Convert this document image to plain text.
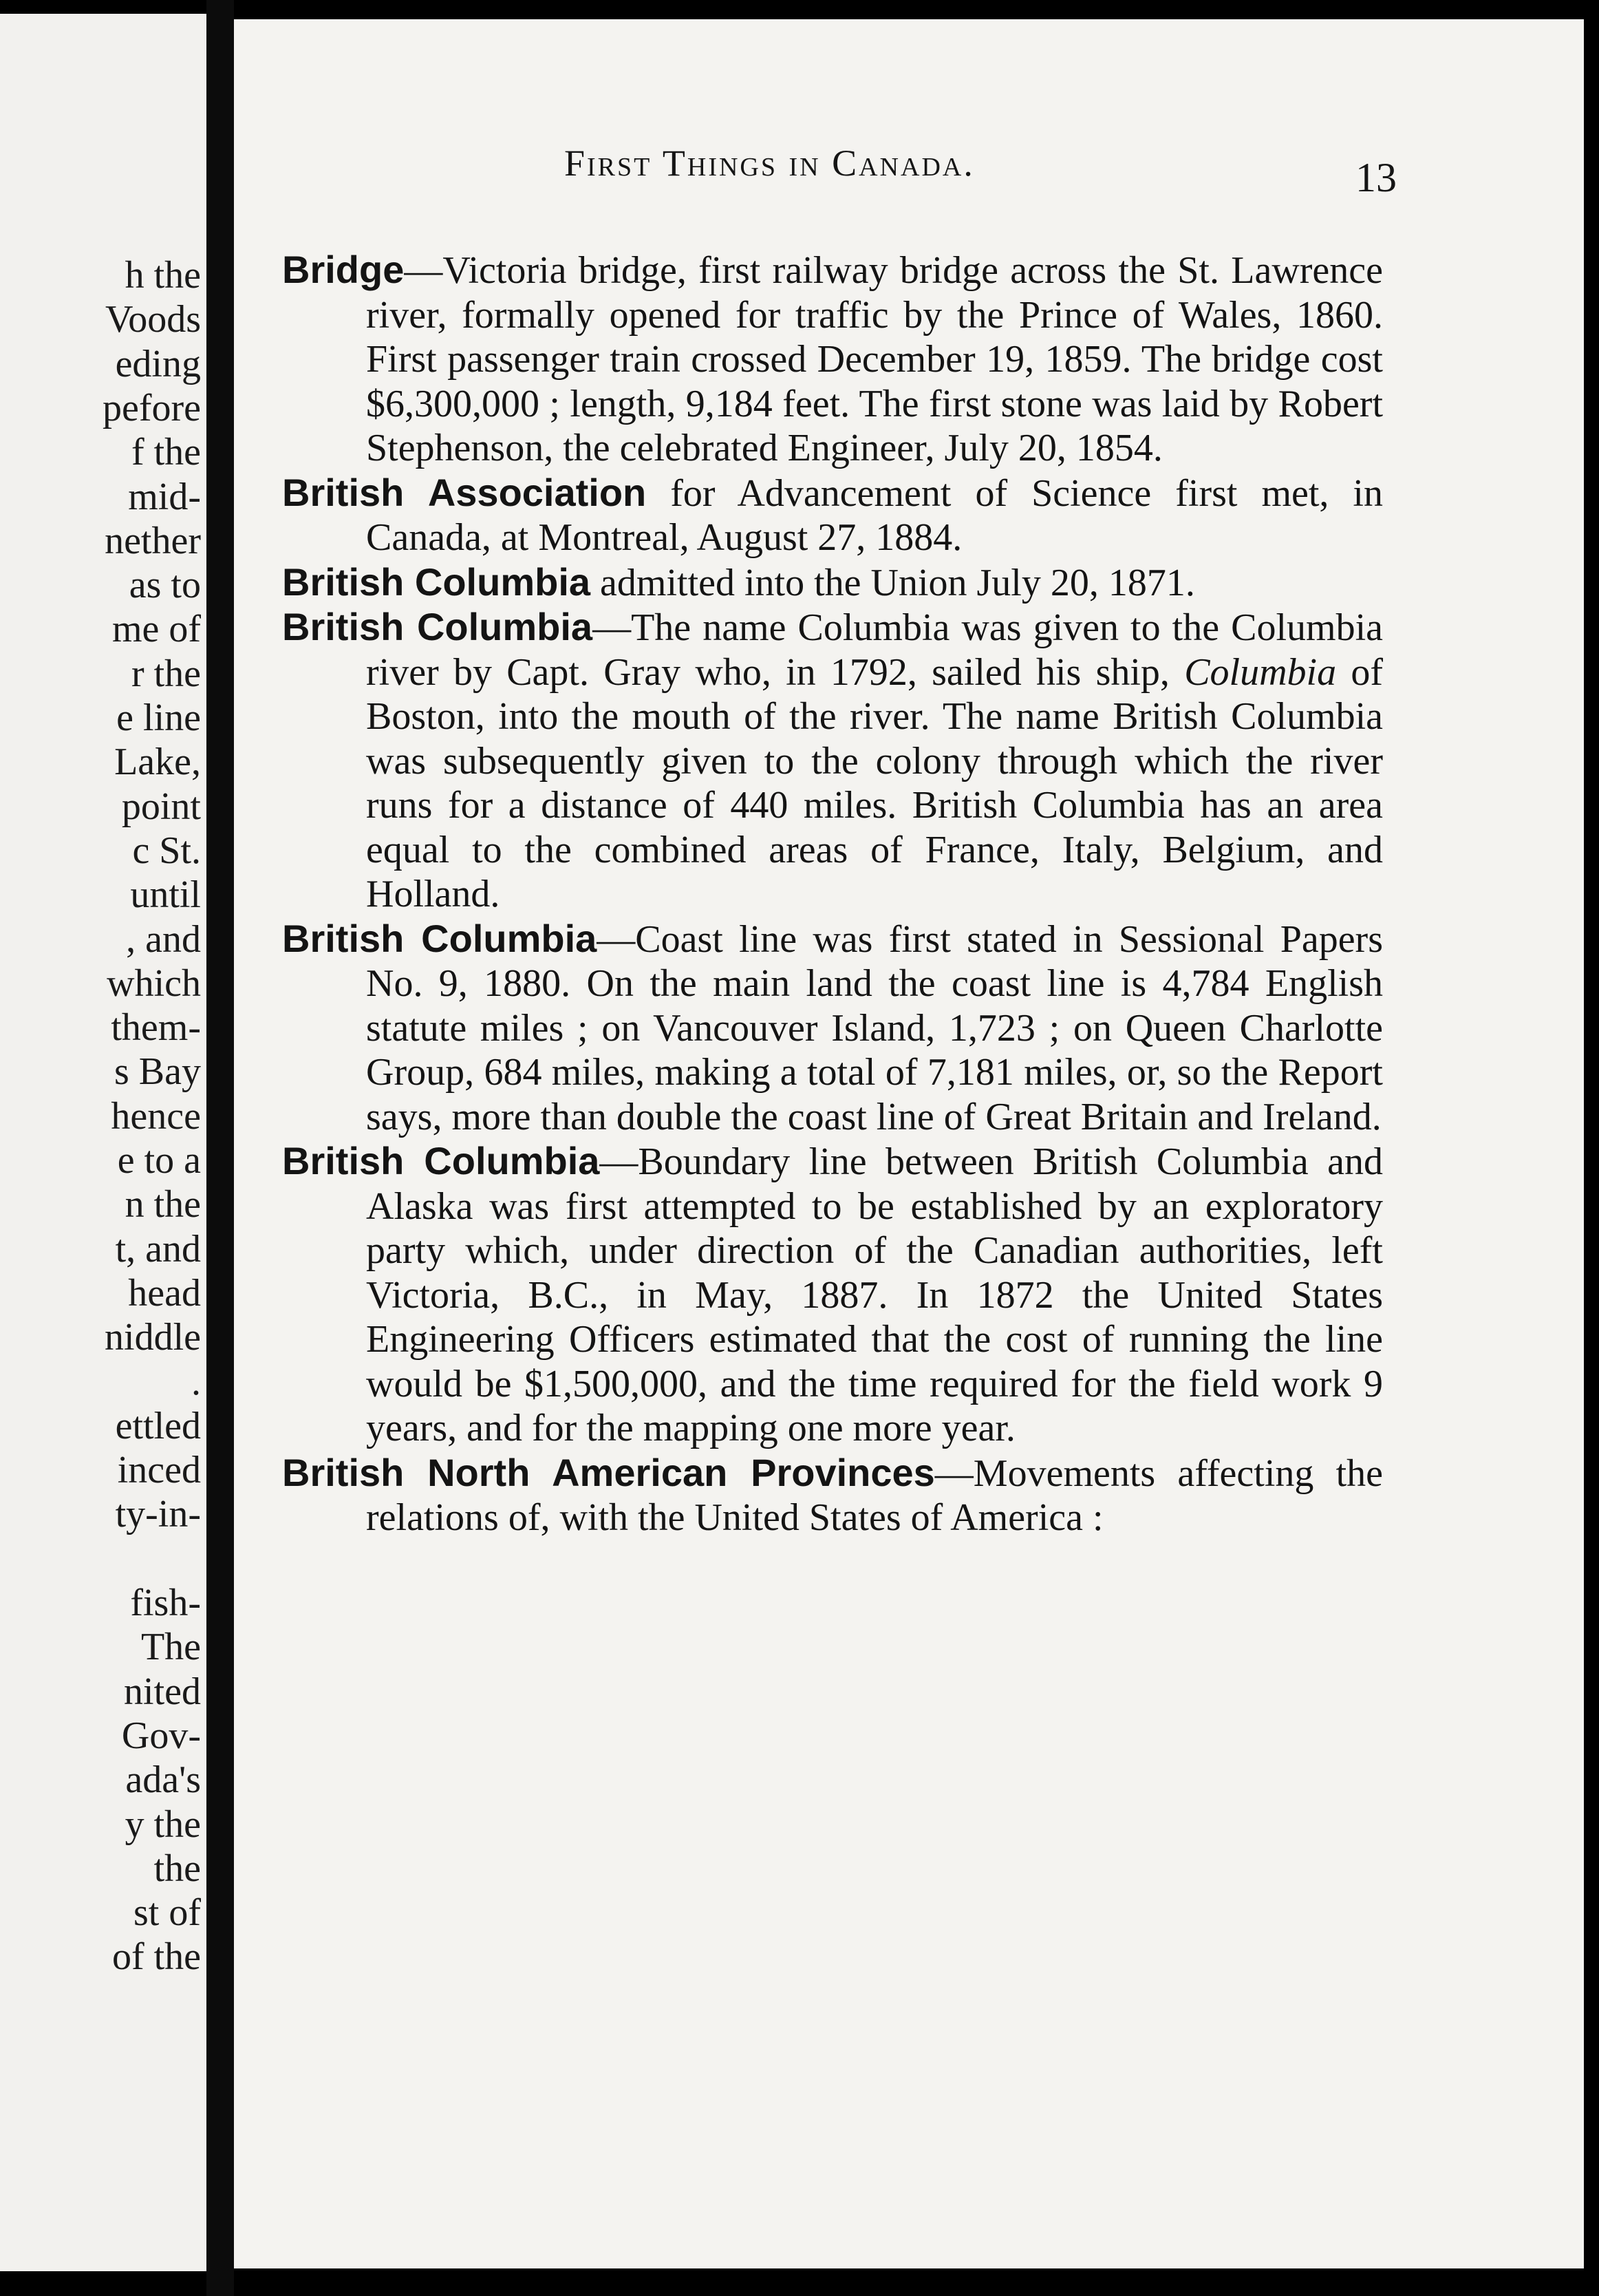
h the
Voods
eding
pefore
f the
mid-
nether
as to
me of
r the
e line
Lake,
point
c St.
until
, and
which
them-
s Bay
hence
e to a
n the
t, and
head
niddle
.
ettled
inced
ty-in-
fish-
The
nited
Gov-
ada's
y the
the
st of
of the
First Things in Canada.	13

Bridge—Victoria bridge, first railway bridge across the St. Lawrence river, formally opened for traffic by the Prince of Wales, 1860. First passenger train crossed December 19, 1859. The bridge cost $6,300,000 ; length, 9,184 feet. The first stone was laid by Robert Stephenson, the celebrated Engineer, July 20, 1854.

British Association for Advancement of Science first met, in Canada, at Montreal, August 27, 1884.

British Columbia admitted into the Union July 20, 1871.

British Columbia—The name Columbia was given to the Columbia river by Capt. Gray who, in 1792, sailed his ship, Columbia of Boston, into the mouth of the river. The name British Columbia was subsequently given to the colony through which the river runs for a distance of 440 miles. British Columbia has an area equal to the combined areas of France, Italy, Belgium, and Holland.

British Columbia—Coast line was first stated in Sessional Papers No. 9, 1880. On the main land the coast line is 4,784 English statute miles ; on Vancouver Island, 1,723 ; on Queen Charlotte Group, 684 miles, making a total of 7,181 miles, or, so the Report says, more than double the coast line of Great Britain and Ireland.

British Columbia—Boundary line between British Columbia and Alaska was first attempted to be established by an exploratory party which, under direction of the Canadian authorities, left Victoria, B.C., in May, 1887. In 1872 the United States Engineering Officers estimated that the cost of running the line would be $1,500,000, and the time required for the field work 9 years, and for the mapping one more year.

British North American Provinces—Movements affecting the relations of, with the United States of America :
